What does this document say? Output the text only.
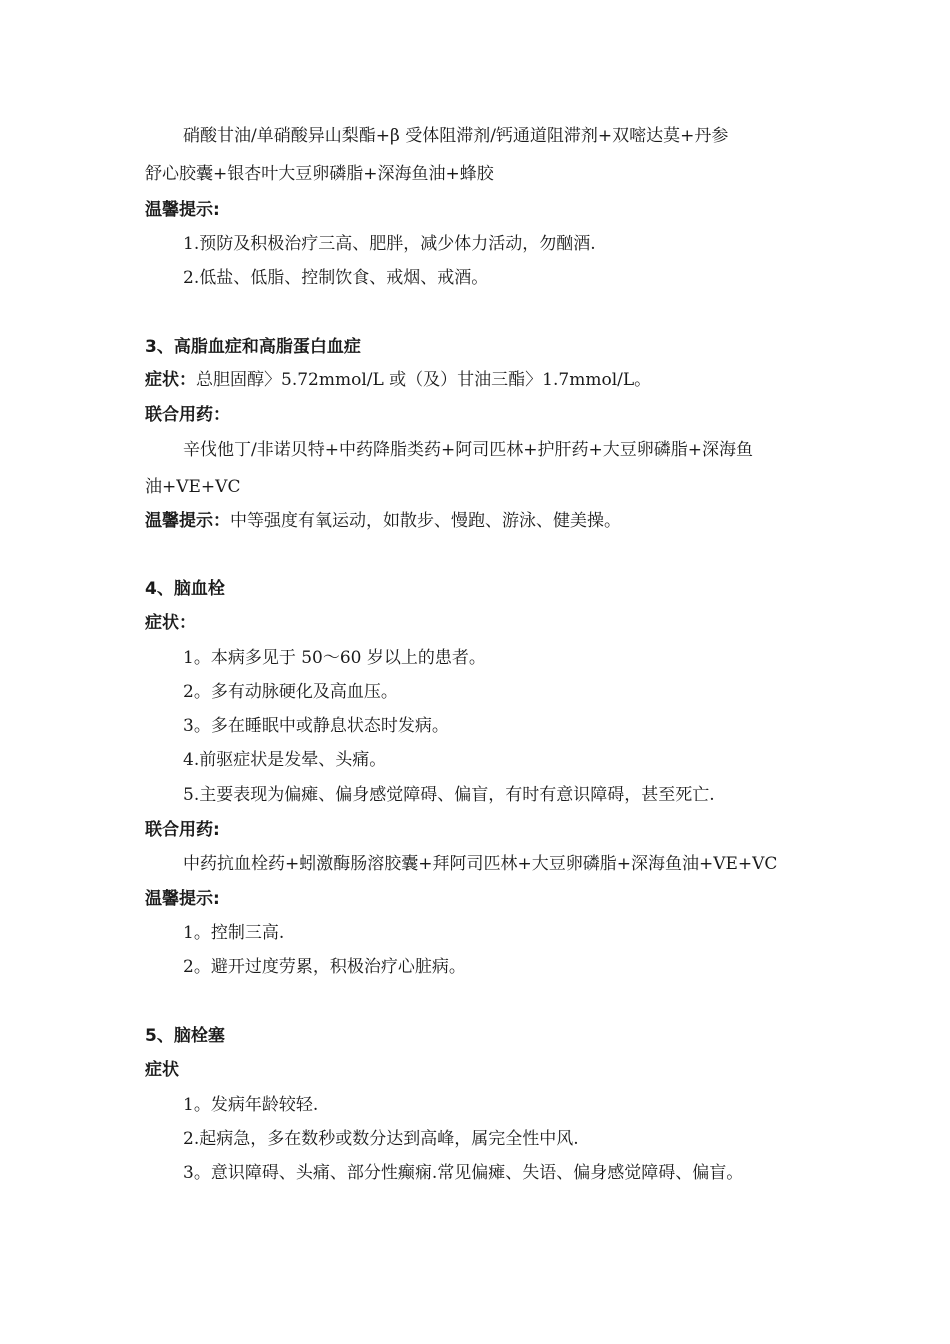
硝酸甘油/单硝酸异山梨酯+β 受体阻滞剂/钙通道阻滞剂+双嘧达莫+丹参
舒心胶囊+银杏叶大豆卵磷脂+深海鱼油+蜂胶
温馨提示:
1.预防及积极治疗三高、肥胖，减少体力活动，勿酗酒.
2.低盐、低脂、控制饮食、戒烟、戒酒。
3、高脂血症和高脂蛋白血症
症状：总胆固醇〉5.72mmol/L 或（及）甘油三酯〉1.7mmol/L。
联合用药：
辛伐他丁/非诺贝特+中药降脂类药+阿司匹林+护肝药+大豆卵磷脂+深海鱼
油+VE+VC
温馨提示：中等强度有氧运动，如散步、慢跑、游泳、健美操。
4、脑血栓
症状：
1。本病多见于 50～60 岁以上的患者。
2。多有动脉硬化及高血压。
3。多在睡眠中或静息状态时发病。
4.前驱症状是发晕、头痛。
5.主要表现为偏瘫、偏身感觉障碍、偏盲，有时有意识障碍，甚至死亡.
联合用药:
中药抗血栓药+蚓激酶肠溶胶囊+拜阿司匹林+大豆卵磷脂+深海鱼油+VE+VC
温馨提示:
1。控制三高.
2。避开过度劳累，积极治疗心脏病。
5、脑栓塞
症状
1。发病年龄较轻.
2.起病急，多在数秒或数分达到高峰，属完全性中风.
3。意识障碍、头痛、部分性癫痫.常见偏瘫、失语、偏身感觉障碍、偏盲。
